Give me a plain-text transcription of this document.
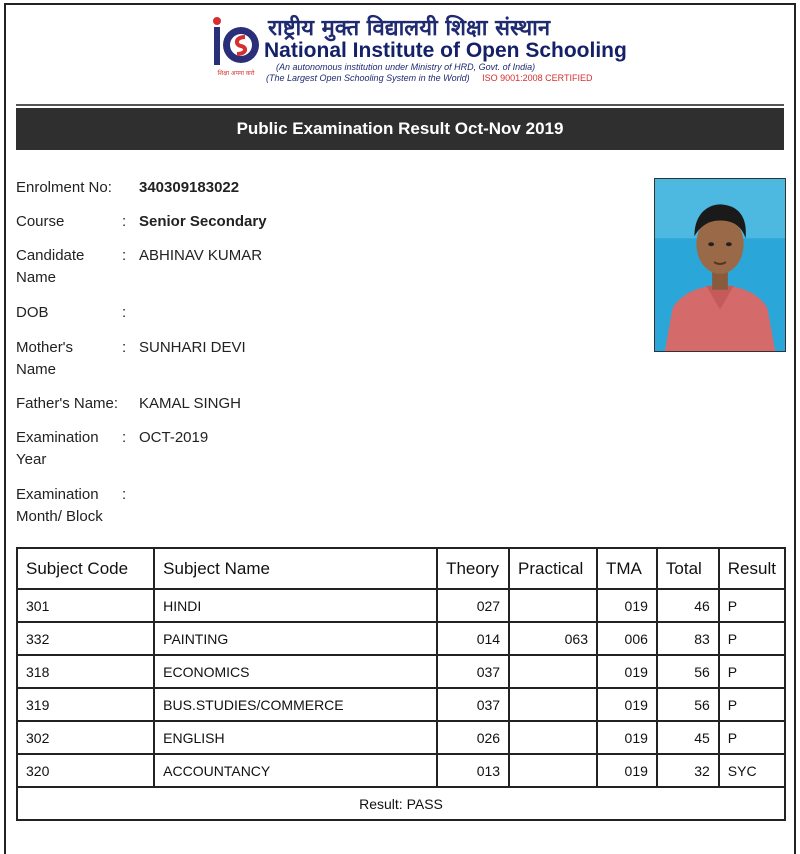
शिक्षा अपना करो
राष्ट्रीय मुक्त विद्यालयी शिक्षा संस्थान
National Institute of Open Schooling
(An autonomous institution under Ministry of HRD, Govt. of India)
(The Largest Open Schooling System in the World) ISO 9001:2008 CERTIFIED
Public Examination Result Oct-Nov 2019
Enrolment No:	340309183022
Course	: Senior Secondary
Candidate
Name
: ABHINAV KUMAR
DOB	:
Mother's
Name
: SUNHARI DEVI
Father's Name:	KAMAL SINGH
Examination
Year
: OCT-2019
Examination
Month/ Block
:
Subject Code	Subject Name	Theory	Practical	TMA	Total	Result
301	HINDI	027		019	46	P
332	PAINTING	014	063	006	83	P
318	ECONOMICS	037		019	56	P
319	BUS.STUDIES/COMMERCE	037		019	56	P
302	ENGLISH	026		019	45	P
320	ACCOUNTANCY	013		019	32	SYC
Result: PASS						
